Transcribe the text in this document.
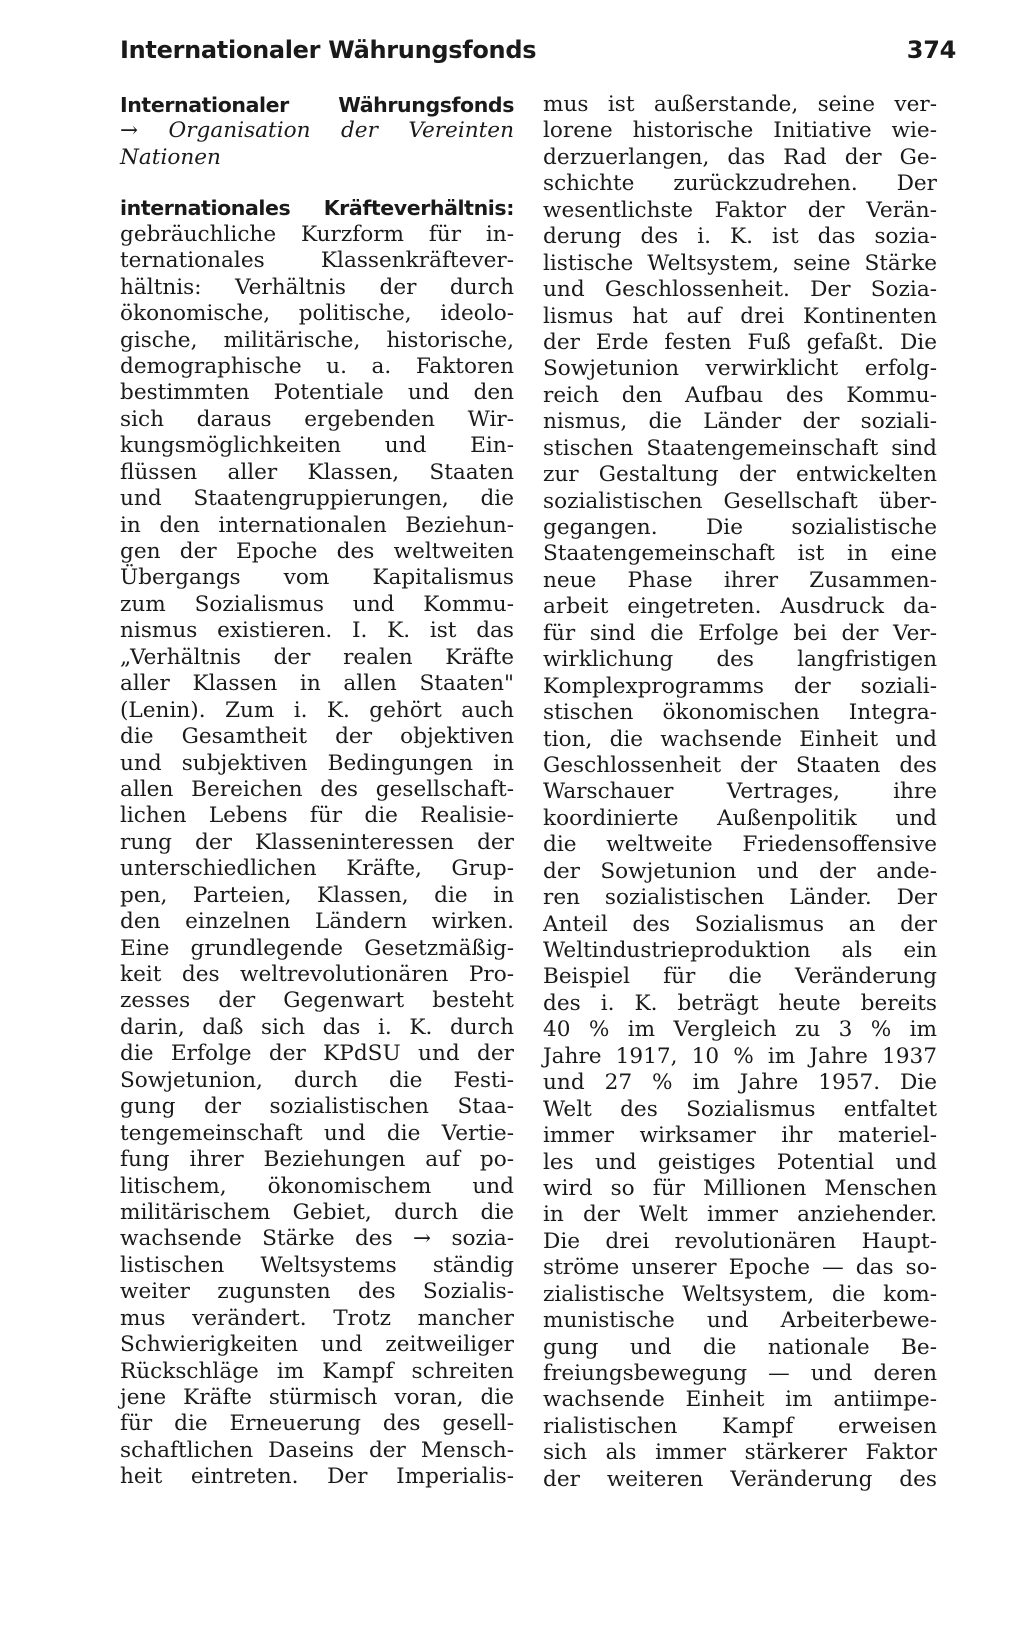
Internationaler Währungsfonds	374
Internationaler Währungsfonds
→ Organisation der Vereinten
Nationen
internationales Kräfteverhältnis:
gebräuchliche Kurzform für in-
ternationales Klassenkräftever-
hältnis: Verhältnis der durch
ökonomische, politische, ideolo-
gische, militärische, historische,
demographische u. a. Faktoren
bestimmten Potentiale und den
sich daraus ergebenden Wir-
kungsmöglichkeiten und Ein-
flüssen aller Klassen, Staaten
und Staatengruppierungen, die
in den internationalen Beziehun-
gen der Epoche des weltweiten
Übergangs vom Kapitalismus
zum Sozialismus und Kommu-
nismus existieren. I. K. ist das
„Verhältnis der realen Kräfte
aller Klassen in allen Staaten"
(Lenin). Zum i. K. gehört auch
die Gesamtheit der objektiven
und subjektiven Bedingungen in
allen Bereichen des gesellschaft-
lichen Lebens für die Realisie-
rung der Klasseninteressen der
unterschiedlichen Kräfte, Grup-
pen, Parteien, Klassen, die in
den einzelnen Ländern wirken.
Eine grundlegende Gesetzmäßig-
keit des weltrevolutionären Pro-
zesses der Gegenwart besteht
darin, daß sich das i. K. durch
die Erfolge der KPdSU und der
Sowjetunion, durch die Festi-
gung der sozialistischen Staa-
tengemeinschaft und die Vertie-
fung ihrer Beziehungen auf po-
litischem, ökonomischem und
militärischem Gebiet, durch die
wachsende Stärke des → sozia-
listischen Weltsystems ständig
weiter zugunsten des Sozialis-
mus verändert. Trotz mancher
Schwierigkeiten und zeitweiliger
Rückschläge im Kampf schreiten
jene Kräfte stürmisch voran, die
für die Erneuerung des gesell-
schaftlichen Daseins der Mensch-
heit eintreten. Der Imperialis-
mus ist außerstande, seine ver-
lorene historische Initiative wie-
derzuerlangen, das Rad der Ge-
schichte zurückzudrehen. Der
wesentlichste Faktor der Verän-
derung des i. K. ist das sozia-
listische Weltsystem, seine Stärke
und Geschlossenheit. Der Sozia-
lismus hat auf drei Kontinenten
der Erde festen Fuß gefaßt. Die
Sowjetunion verwirklicht erfolg-
reich den Aufbau des Kommu-
nismus, die Länder der soziali-
stischen Staatengemeinschaft sind
zur Gestaltung der entwickelten
sozialistischen Gesellschaft über-
gegangen. Die sozialistische
Staatengemeinschaft ist in eine
neue Phase ihrer Zusammen-
arbeit eingetreten. Ausdruck da-
für sind die Erfolge bei der Ver-
wirklichung des langfristigen
Komplexprogramms der soziali-
stischen ökonomischen Integra-
tion, die wachsende Einheit und
Geschlossenheit der Staaten des
Warschauer Vertrages, ihre
koordinierte Außenpolitik und
die weltweite Friedensoffensive
der Sowjetunion und der ande-
ren sozialistischen Länder. Der
Anteil des Sozialismus an der
Weltindustrieproduktion als ein
Beispiel für die Veränderung
des i. K. beträgt heute bereits
40 % im Vergleich zu 3 % im
Jahre 1917, 10 % im Jahre 1937
und 27 % im Jahre 1957. Die
Welt des Sozialismus entfaltet
immer wirksamer ihr materiel-
les und geistiges Potential und
wird so für Millionen Menschen
in der Welt immer anziehender.
Die drei revolutionären Haupt-
ströme unserer Epoche — das so-
zialistische Weltsystem, die kom-
munistische und Arbeiterbewe-
gung und die nationale Be-
freiungsbewegung — und deren
wachsende Einheit im antiimpe-
rialistischen Kampf erweisen
sich als immer stärkerer Faktor
der weiteren Veränderung des
